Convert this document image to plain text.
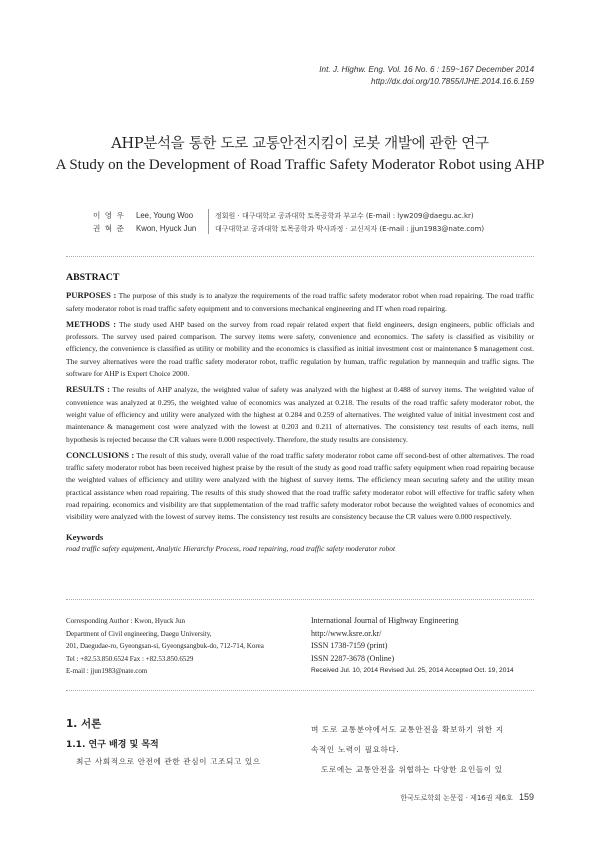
Int. J. Highw. Eng. Vol. 16 No. 6 : 159~167 December 2014
http://dx.doi.org/10.7855/IJHE.2014.16.6.159
AHP분석을 통한 도로 교통안전지킴이 로봇 개발에 관한 연구
A Study on the Development of Road Traffic Safety Moderator Robot using AHP
이 영 우	Lee, Young Woo	정회원 · 대구대학교 공과대학 토목공학과 부교수 (E-mail : lyw209@daegu.ac.kr)
권 혁 준	Kwon, Hyuck Jun	대구대학교 공과대학 토목공학과 박사과정 · 교신저자 (E-mail : jjun1983@nate.com)
ABSTRACT

PURPOSES : The purpose of this study is to analyze the requirements of the road traffic safety moderator robot when road repairing. The road traffic safety moderator robot is road traffic safety equipment and to conversions mechanical engineering and IT when road repairing.

METHODS : The study used AHP based on the survey from road repair related expert that field engineers, design engineers, public officials and professors. The survey used paired comparison. The survey items were safety, convenience and economics. The safety is classified as visibility or efficiency, the convenience is classified as utility or mobility and the economics is classified as initial investment cost or maintenance $ management cost. The survey alternatives were the road traffic safety moderator robot, traffic regulation by human, traffic regulation by mannequin and traffic signs. The software for AHP is Expert Choice 2000.

RESULTS : The results of AHP analyze, the weighted value of safety was analyzed with the highest at 0.488 of survey items. The weighted value of convenience was analyzed at 0.295, the weighted value of economics was analyzed at 0.218. The results of the road traffic safety moderator robot, the weight value of efficiency and utility were analyzed with the highest at 0.284 and 0.259 of alternatives. The weighted value of initial investment cost and maintenance & management cost were analyzed with the lowest at 0.203 and 0.211 of alternatives. The consistency test results of each items, null hypothesis is rejected because the CR values were 0.000 respectively. Therefore, the study results are consistency.

CONCLUSIONS : The result of this study, overall value of the road traffic safety moderator robot came off second-best of other alternatives. The road traffic safety moderator robot has been received highest praise by the result of the study as good road traffic safety equipment when road repairing because the weighted values of efficiency and utility were analyzed with the highest of survey items. The efficiency mean securing safety and the utility mean practical assistance when road repairing. The results of this study showed that the road traffic safety moderator robot will effective for traffic safety when road repairing. economics and visibility are that supplementation of the road traffic safety moderator robot because the weighted values of economics and visibility were analyzed with the lowest of survey items. The consistency test results are consistency because the CR values were 0.000 respectively.

Keywords
road traffic safety equipment, Analytic Hierarchy Process, road repairing, road traffic safety moderator robot
Corresponding Author : Kwon, Hyuck Jun
Department of Civil engineering, Daegu University,
201, Daegudae-ro, Gyeongsan-si, Gyeongsangbuk-do, 712-714, Korea
Tel : +82.53.850.6524 Fax : +82.53.850.6529
E-mail : jjun1983@nate.com
International Journal of Highway Engineering
http://www.ksre.or.kr/
ISSN 1738-7159 (print)
ISSN 2287-3678 (Online)
Received Jul. 10, 2014 Revised Jul. 25, 2014 Accepted Oct. 19, 2014
1. 서론
1.1. 연구 배경 및 목적
최근 사회적으로 안전에 관한 관심이 고조되고 있으
며 도로 교통분야에서도 교통안전을 확보하기 위한 지
속적인 노력이 필요하다.
도로에는 교통안전을 위협하는 다양한 요인들이 있
한국도로학회 논문집 · 제16권 제6호 159
